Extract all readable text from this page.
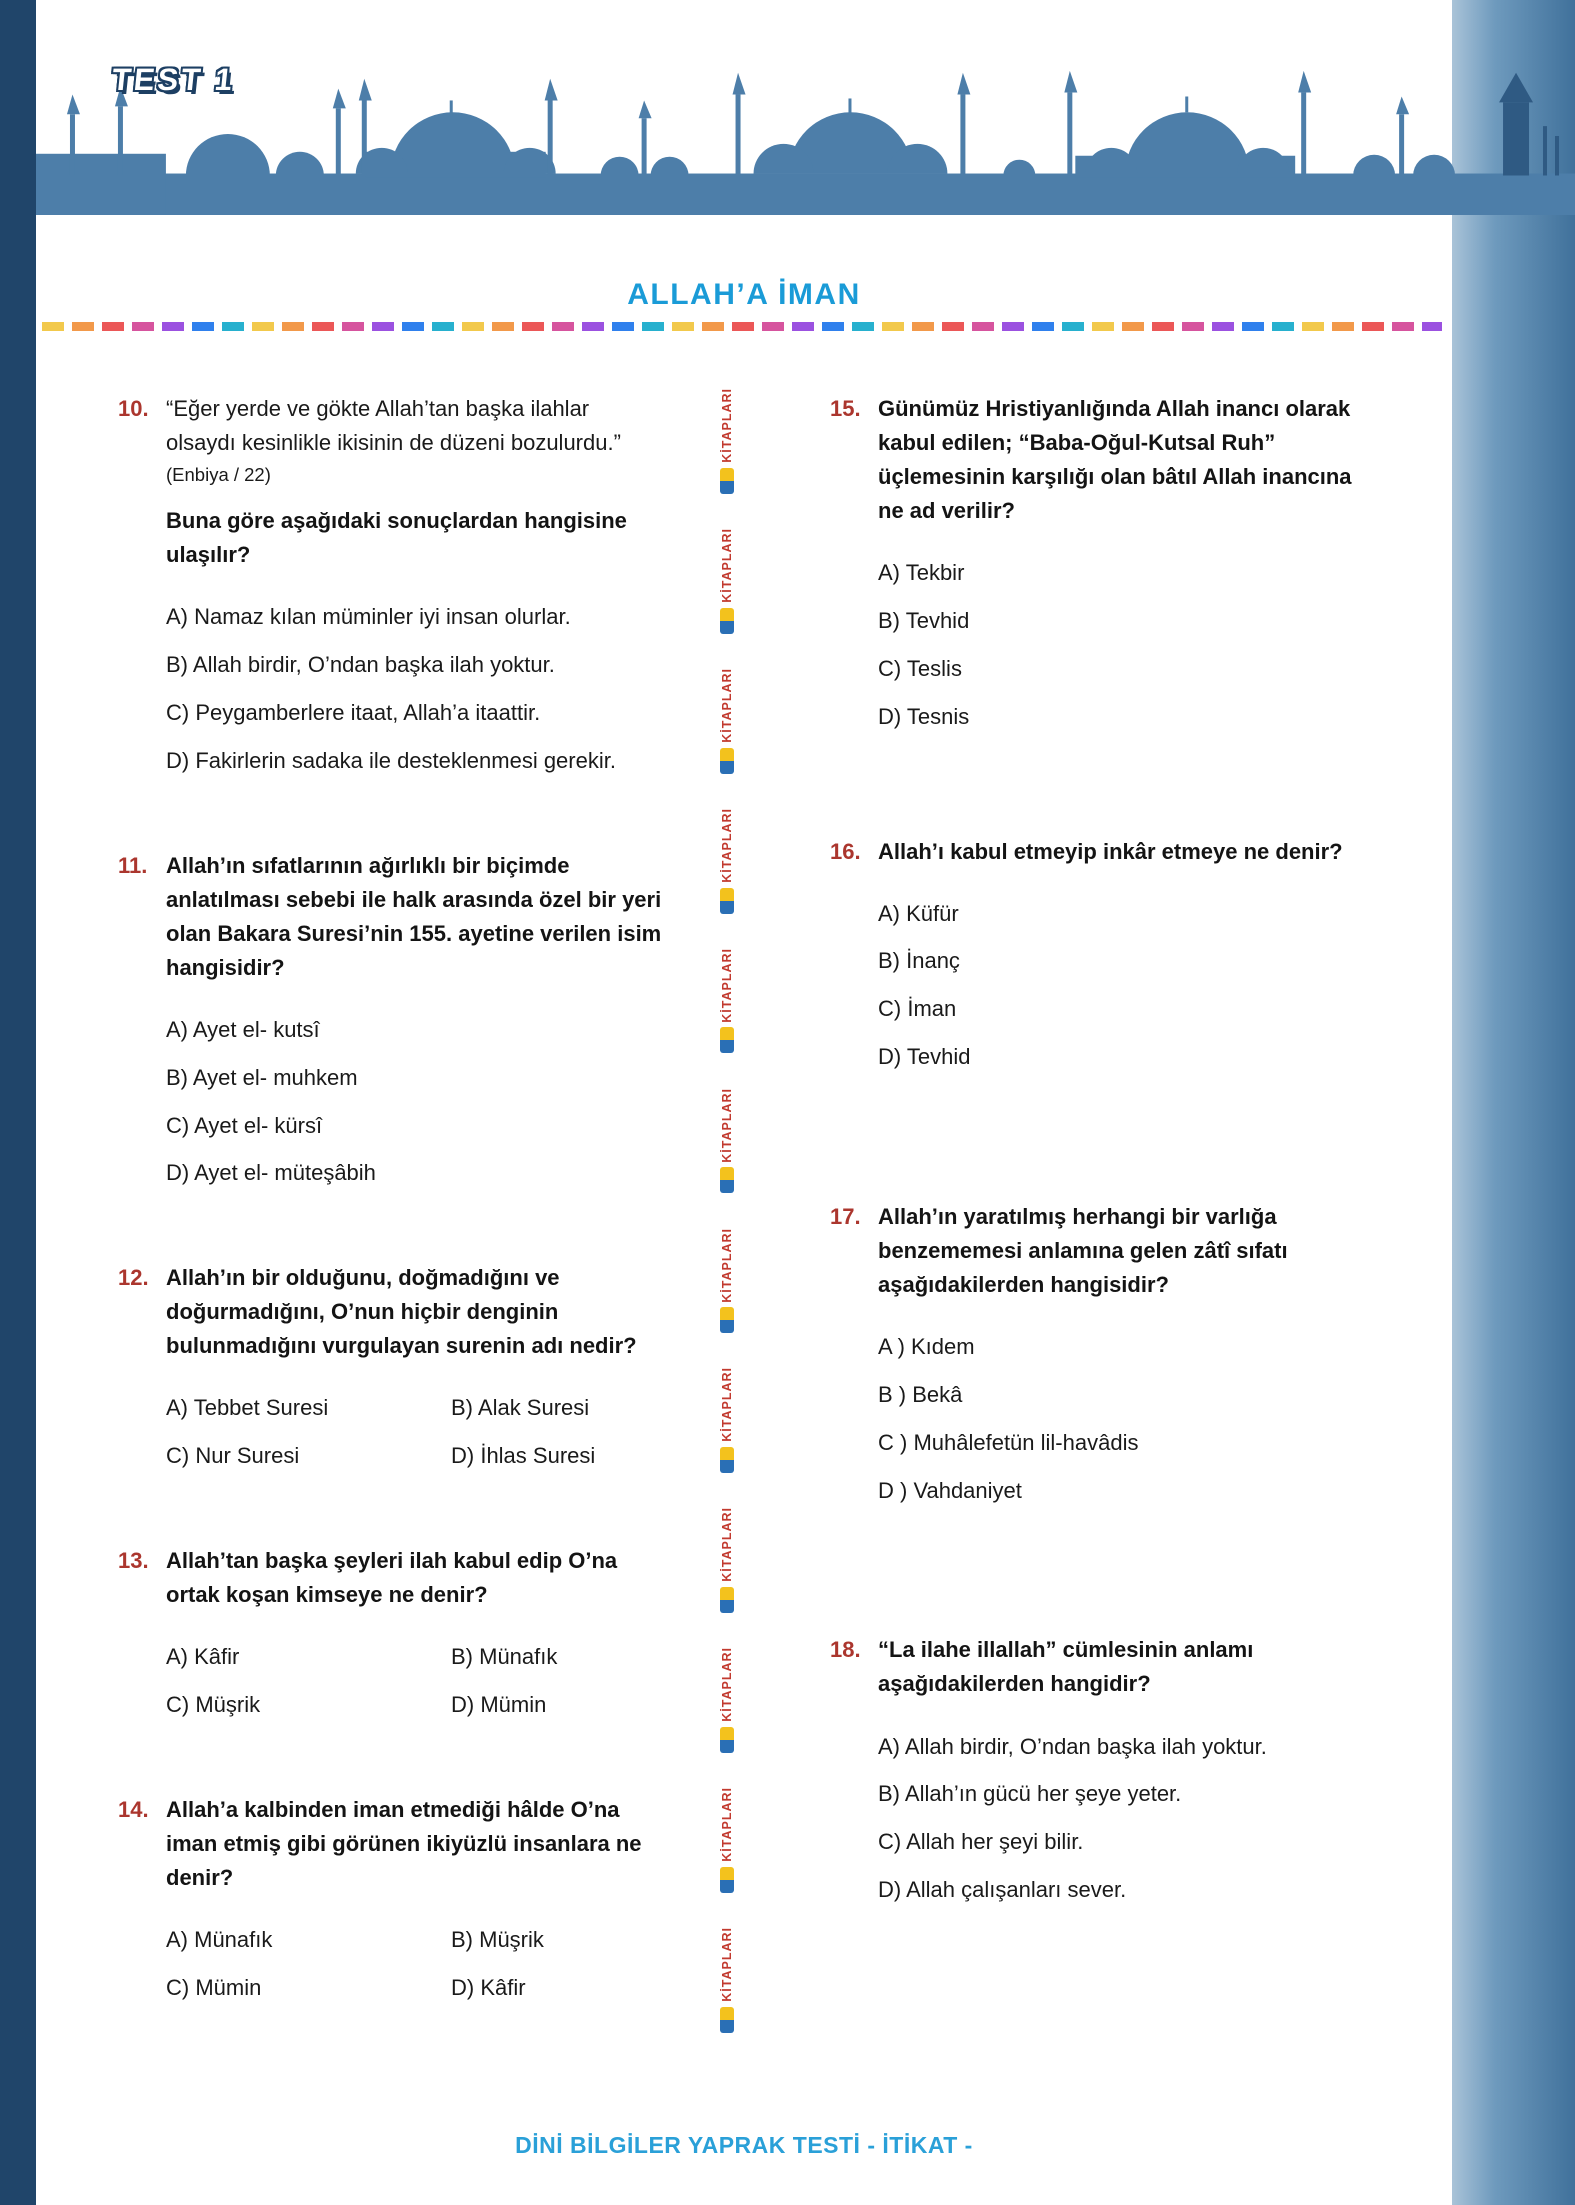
TEST 1
ALLAH’A İMAN
10. “Eğer yerde ve gökte Allah’tan başka ilahlar olsaydı kesinlikle ikisinin de düzeni bozulurdu.”

(Enbiya / 22)

Buna göre aşağıdaki sonuçlardan hangisine ulaşılır?

A) Namaz kılan müminler iyi insan olurlar.
B) Allah birdir, O’ndan başka ilah yoktur.
C) Peygamberlere itaat, Allah’a itaattir.
D) Fakirlerin sadaka ile desteklenmesi gerekir.
11. Allah’ın sıfatlarının ağırlıklı bir biçimde anlatılması sebebi ile halk arasında özel bir yeri olan Bakara Suresi’nin 155. ayetine verilen isim hangisidir?

A) Ayet el- kutsî
B) Ayet el- muhkem
C) Ayet el- kürsî
D) Ayet el- müteşâbih
12. Allah’ın bir olduğunu, doğmadığını ve doğurmadığını, O’nun hiçbir denginin bulunmadığını vurgulayan surenin adı nedir?

A) Tebbet Suresi	B) Alak Suresi
C) Nur Suresi	D) İhlas Suresi
13. Allah’tan başka şeyleri ilah kabul edip O’na ortak koşan kimseye ne denir?

A) Kâfir	B) Münafık
C) Müşrik	D) Mümin
14. Allah’a kalbinden iman etmediği hâlde O’na iman etmiş gibi görünen ikiyüzlü insanlara ne denir?

A) Münafık	B) Müşrik
C) Mümin	D) Kâfir
KİTAPLARI
KİTAPLARI
KİTAPLARI
KİTAPLARI
KİTAPLARI
KİTAPLARI
KİTAPLARI
KİTAPLARI
KİTAPLARI
KİTAPLARI
KİTAPLARI
KİTAPLARI
15. Günümüz Hristiyanlığında Allah inancı olarak kabul edilen; “Baba-Oğul-Kutsal Ruh” üçlemesinin karşılığı olan bâtıl Allah inancına ne ad verilir?

A) Tekbir
B) Tevhid
C) Teslis
D) Tesnis
16. Allah’ı kabul etmeyip inkâr etmeye ne denir?

A) Küfür
B) İnanç
C) İman
D) Tevhid
17. Allah’ın yaratılmış herhangi bir varlığa benzememesi anlamına gelen zâtî sıfatı aşağıdakilerden hangisidir?

A ) Kıdem
B ) Bekâ
C ) Muhâlefetün lil-havâdis
D ) Vahdaniyet
18. “La ilahe illallah” cümlesinin anlamı aşağıdakilerden hangidir?

A) Allah birdir, O’ndan başka ilah yoktur.
B) Allah’ın gücü her şeye yeter.
C) Allah her şeyi bilir.
D) Allah çalışanları sever.
DİNİ BİLGİLER YAPRAK TESTİ - İTİKAT -
